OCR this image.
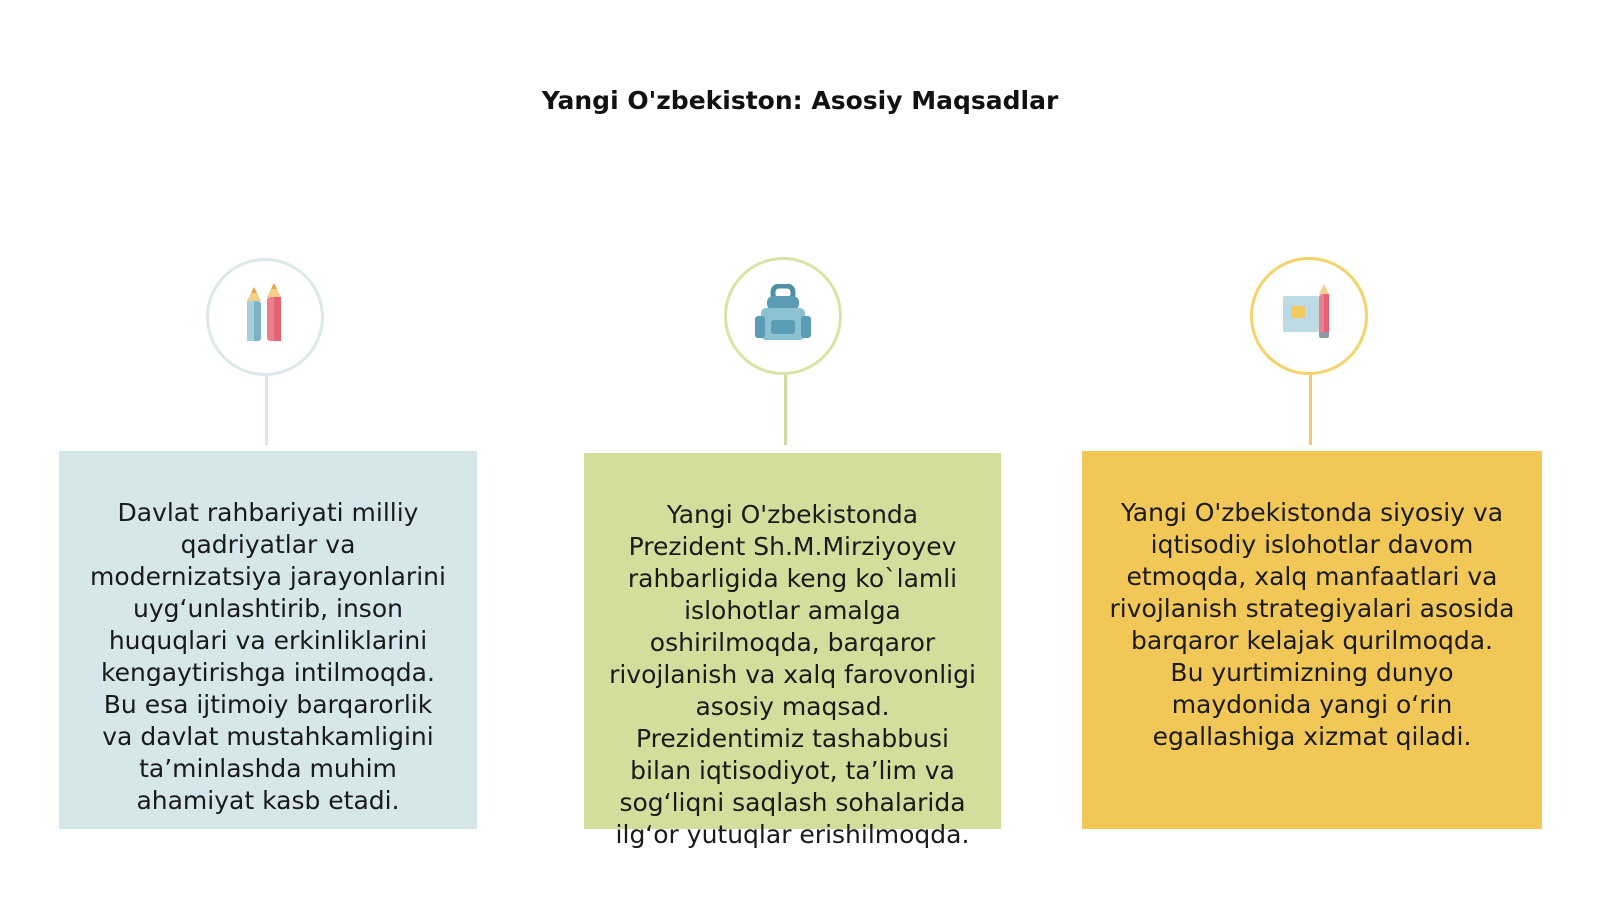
Yangi O'zbekiston: Asosiy Maqsadlar

Davlat rahbariyati milliy
qadriyatlar va
modernizatsiya jarayonlarini
uyg‘unlashtirib, inson
huquqlari va erkinliklarini
kengaytirishga intilmoqda.
Bu esa ijtimoiy barqarorlik
va davlat mustahkamligini
ta’minlashda muhim
ahamiyat kasb etadi.

Yangi O'zbekistonda
Prezident Sh.M.Mirziyoyev
rahbarligida keng ko`lamli
islohotlar amalga
oshirilmoqda, barqaror
rivojlanish va xalq farovonligi
asosiy maqsad.
Prezidentimiz tashabbusi
bilan iqtisodiyot, ta’lim va
sog‘liqni saqlash sohalarida
ilg‘or yutuqlar erishilmoqda.

Yangi O'zbekistonda siyosiy va
iqtisodiy islohotlar davom
etmoqda, xalq manfaatlari va
rivojlanish strategiyalari asosida
barqaror kelajak qurilmoqda.
Bu yurtimizning dunyo
maydonida yangi o‘rin
egallashiga xizmat qiladi.
